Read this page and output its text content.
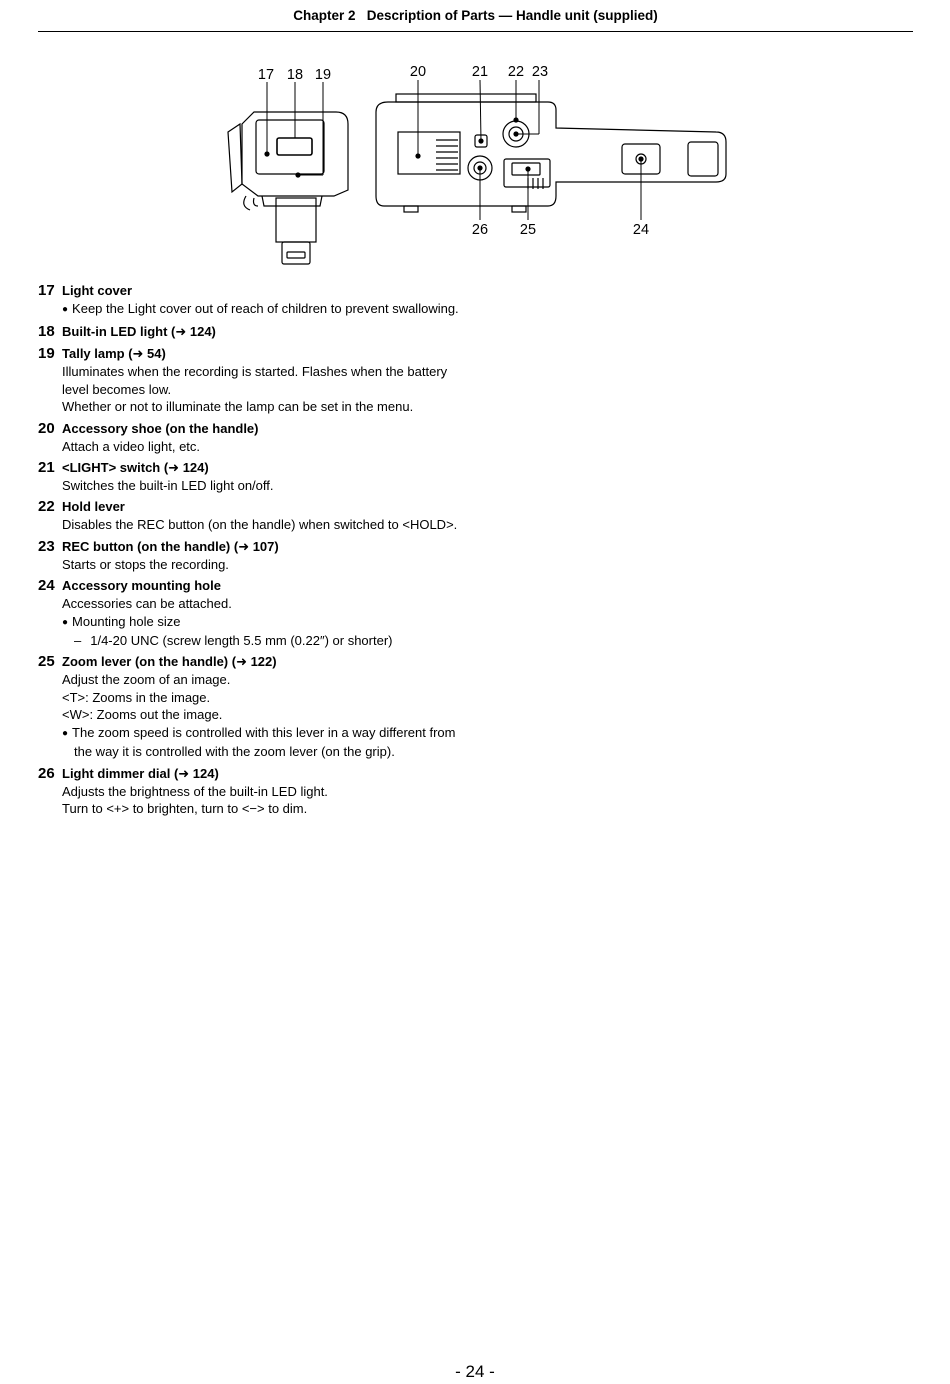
Chapter 2   Description of Parts — Handle unit (supplied)
17 18 19	20	21 22 23
26 25	24
17 Light cover
● Keep the Light cover out of reach of children to prevent swallowing.
18 Built-in LED light (➜ 124)
19 Tally lamp (➜ 54)
Illuminates when the recording is started. Flashes when the battery
level becomes low.
Whether or not to illuminate the lamp can be set in the menu.
20 Accessory shoe (on the handle)
Attach a video light, etc.
21 <LIGHT> switch (➜ 124)
Switches the built-in LED light on/off.
22 Hold lever
Disables the REC button (on the handle) when switched to <HOLD>.
23 REC button (on the handle) (➜ 107)
Starts or stops the recording.
24 Accessory mounting hole
Accessories can be attached.
● Mounting hole size
– 1/4-20 UNC (screw length 5.5 mm (0.22″) or shorter)
25 Zoom lever (on the handle) (➜ 122)
Adjust the zoom of an image.
<T>: Zooms in the image.
<W>: Zooms out the image.
● The zoom speed is controlled with this lever in a way different from
the way it is controlled with the zoom lever (on the grip).
26 Light dimmer dial (➜ 124)
Adjusts the brightness of the built-in LED light.
Turn to <+> to brighten, turn to <−> to dim.
- 24 -
